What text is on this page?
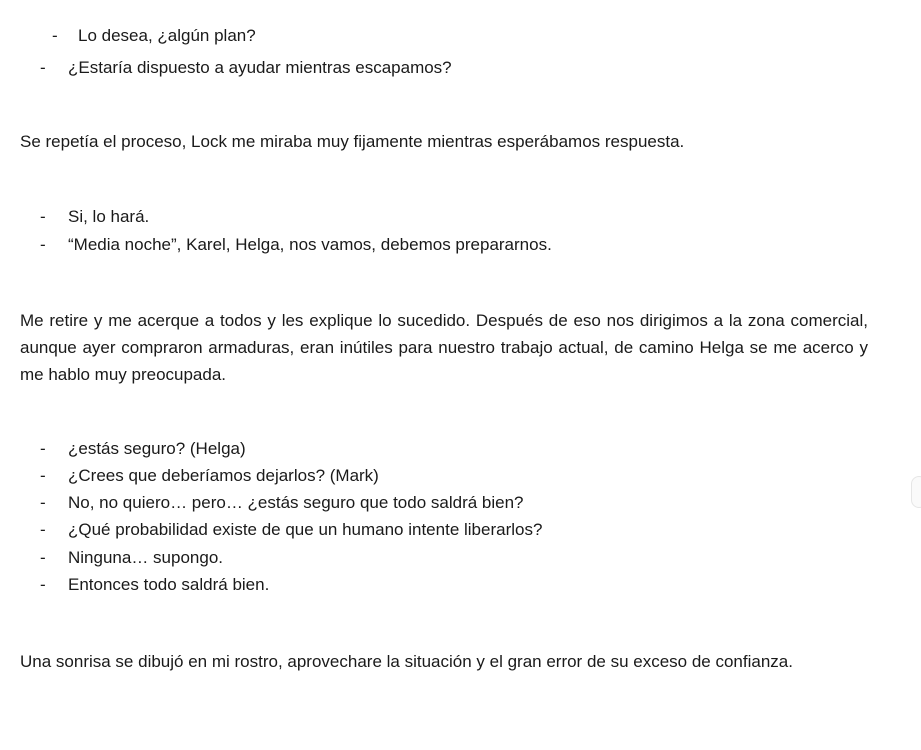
- Lo desea, ¿algún plan?

- ¿Estaría dispuesto a ayudar mientras escapamos?

Se repetía el proceso, Lock me miraba muy fijamente mientras esperábamos respuesta.

- Si, lo hará.

- “Media noche”, Karel, Helga, nos vamos, debemos prepararnos.

Me retire y me acerque a todos y les explique lo sucedido. Después de eso nos dirigimos a la zona comercial, aunque ayer compraron armaduras, eran inútiles para nuestro trabajo actual, de camino Helga se me acerco y me hablo muy preocupada.

- ¿estás seguro? (Helga)

- ¿Crees que deberíamos dejarlos? (Mark)

- No, no quiero… pero… ¿estás seguro que todo saldrá bien?

- ¿Qué probabilidad existe de que un humano intente liberarlos?

- Ninguna… supongo.

- Entonces todo saldrá bien.

Una sonrisa se dibujó en mi rostro, aprovechare la situación y el gran error de su exceso de confianza.
